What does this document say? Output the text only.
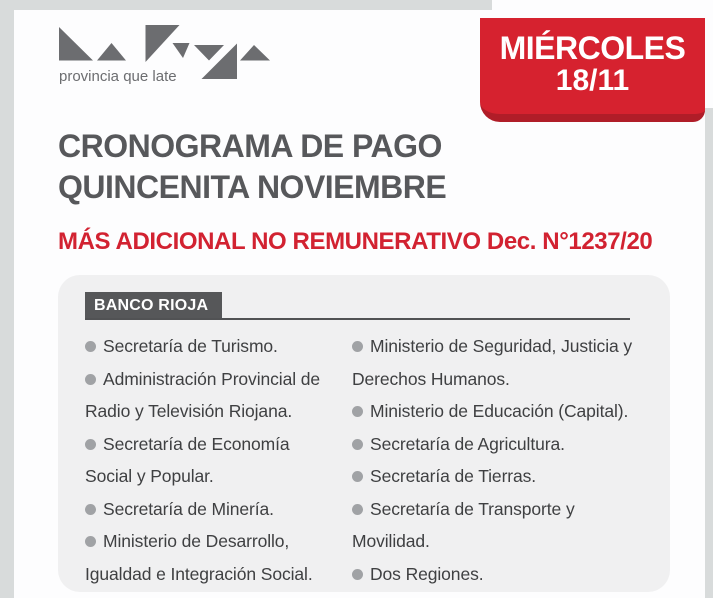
provincia que late
MIÉRCOLES
18/11
CRONOGRAMA DE PAGO
QUINCENITA NOVIEMBRE
MÁS ADICIONAL NO REMUNERATIVO Dec. N°1237/20
BANCO RIOJA
Secretaría de Turismo.
Administración Provincial de Radio y Televisión Riojana.
Secretaría de Economía Social y Popular.
Secretaría de Minería.
Ministerio de Desarrollo, Igualdad e Integración Social.
Ministerio de Seguridad, Justicia y Derechos Humanos.
Ministerio de Educación (Capital).
Secretaría de Agricultura.
Secretaría de Tierras.
Secretaría de Transporte y Movilidad.
Dos Regiones.
